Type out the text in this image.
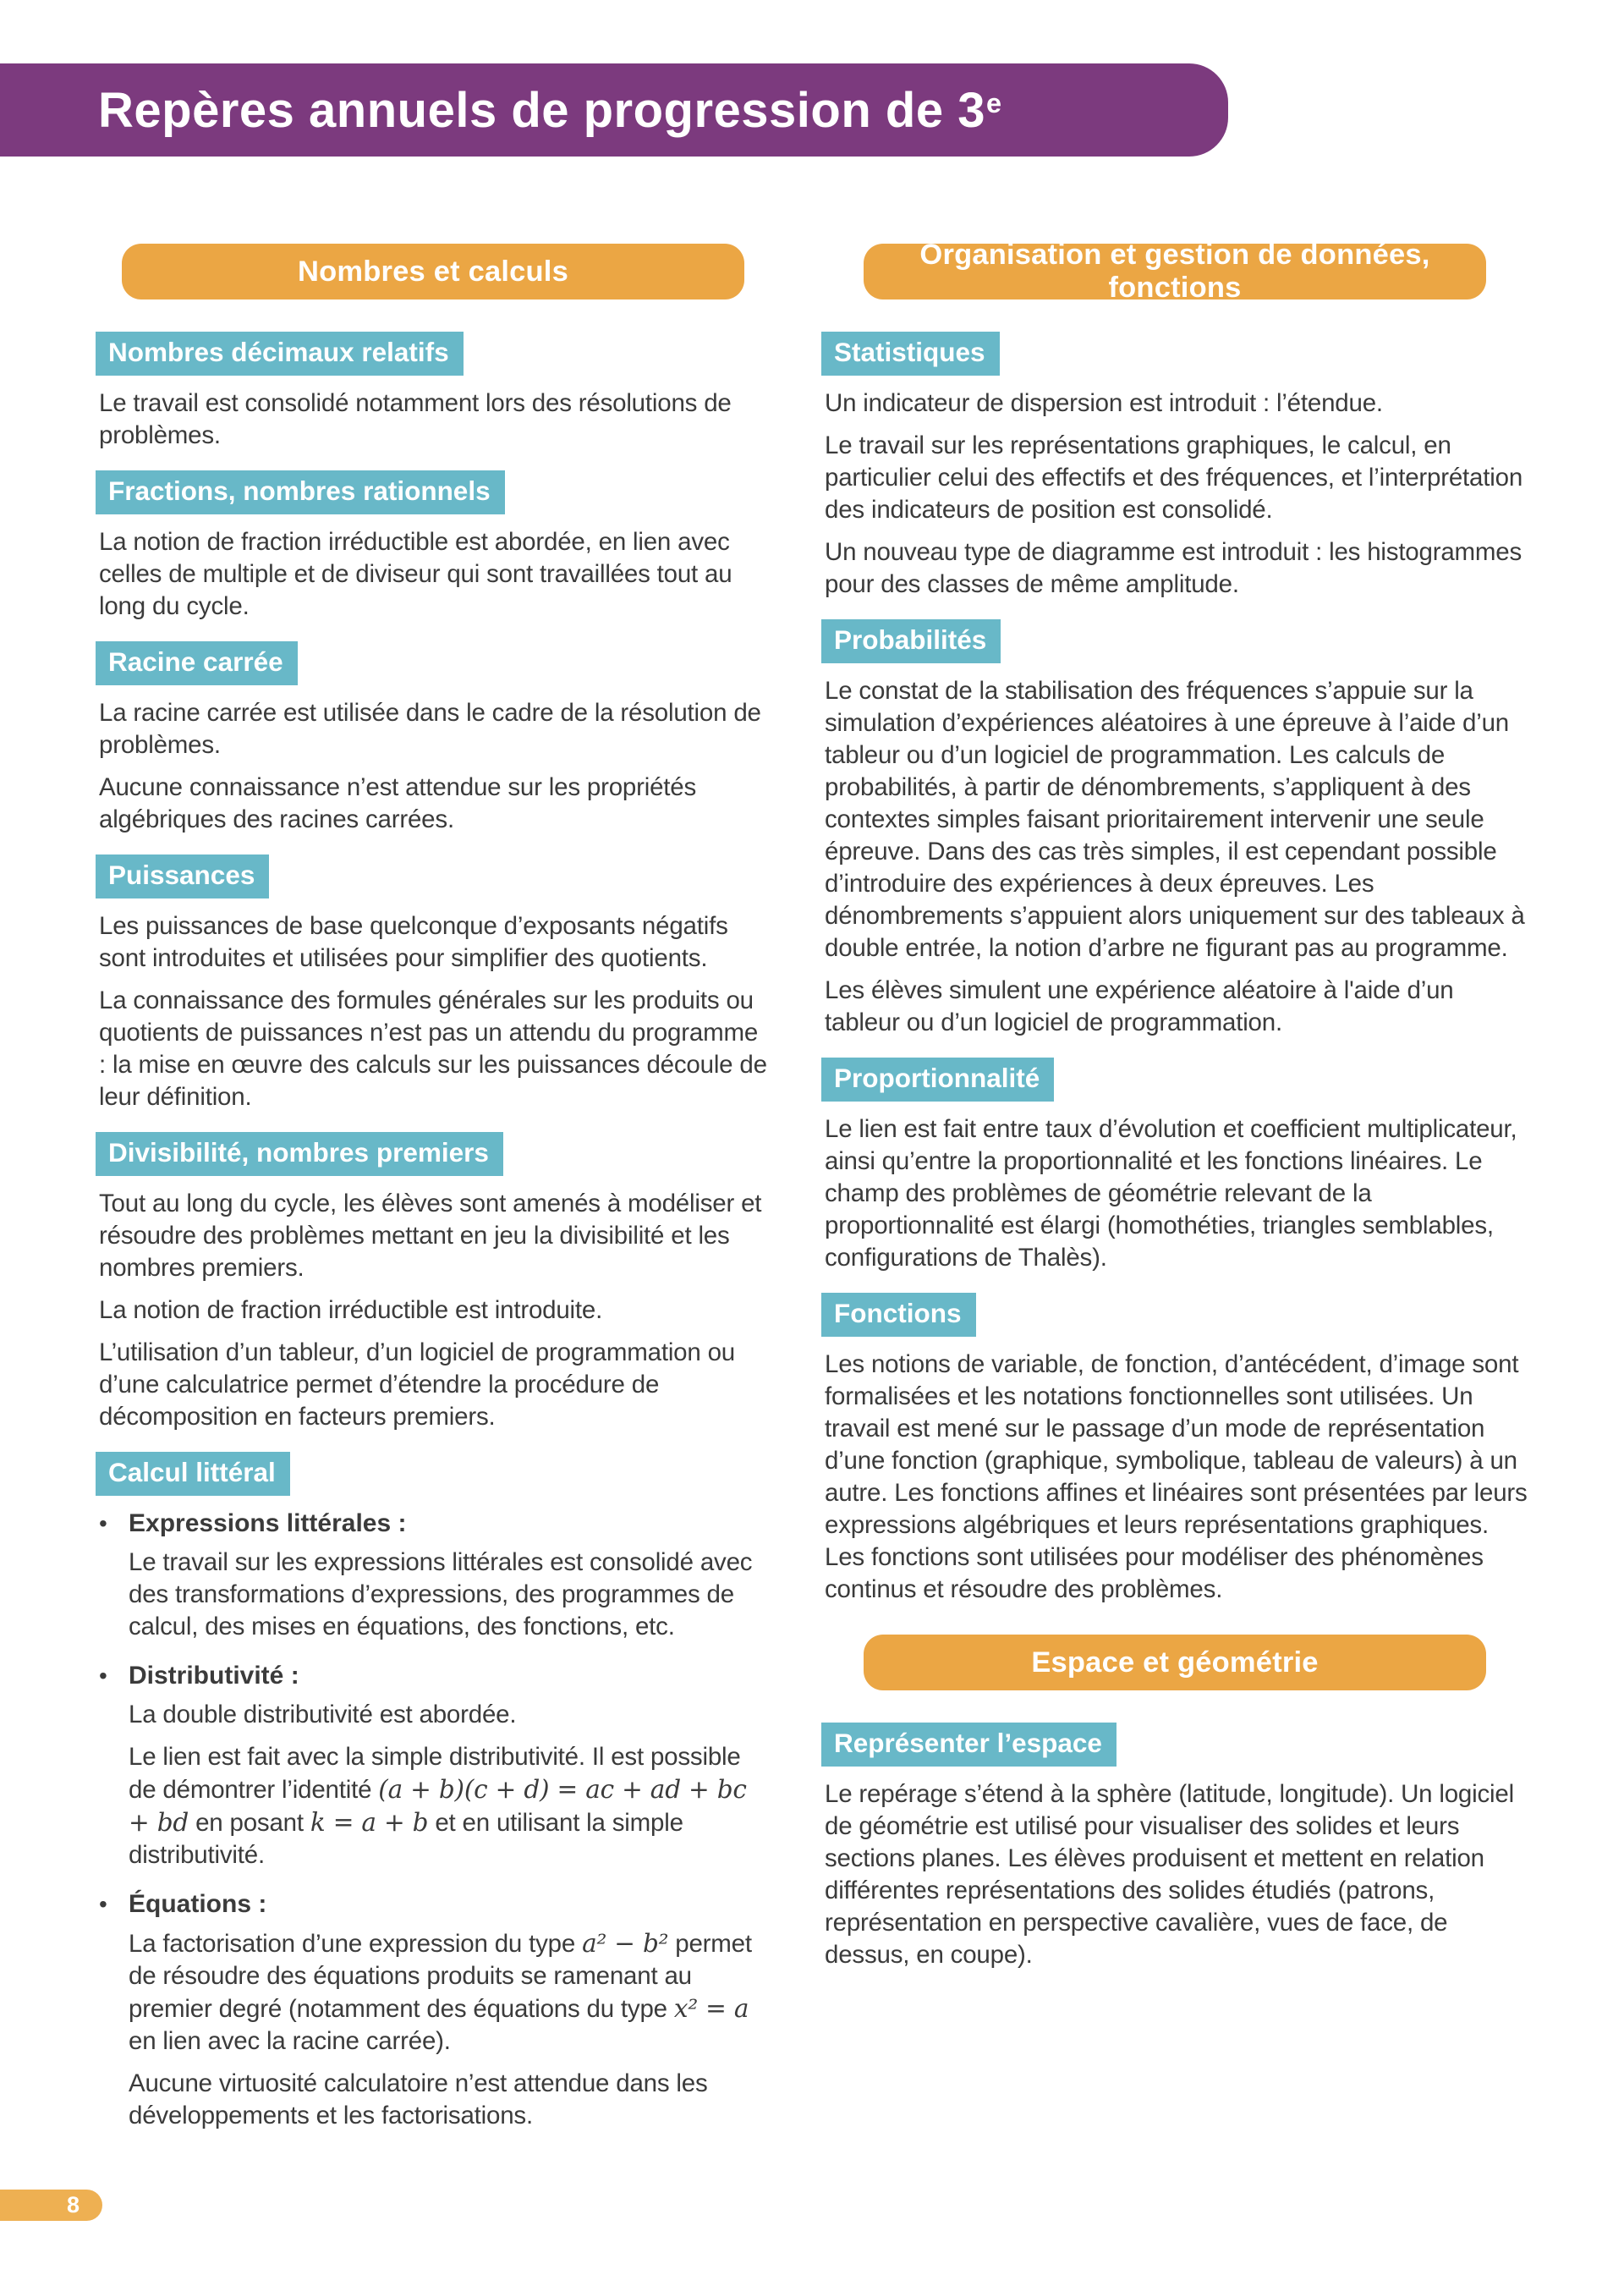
Repères annuels de progression de 3e
Nombres et calculs
Nombres décimaux relatifs

Le travail est consolidé notamment lors des résolutions de problèmes.

Fractions, nombres rationnels

La notion de fraction irréductible est abordée, en lien avec celles de multiple et de diviseur qui sont travaillées tout au long du cycle.

Racine carrée

La racine carrée est utilisée dans le cadre de la résolution de problèmes.

Aucune connaissance n’est attendue sur les propriétés algébriques des racines carrées.

Puissances

Les puissances de base quelconque d’exposants négatifs sont introduites et utilisées pour simplifier des quotients.

La connaissance des formules générales sur les produits ou quotients de puissances n’est pas un attendu du programme : la mise en œuvre des calculs sur les puissances découle de leur définition.

Divisibilité, nombres premiers

Tout au long du cycle, les élèves sont amenés à modéliser et résoudre des problèmes mettant en jeu la divisibilité et les nombres premiers.

La notion de fraction irréductible est introduite.

L’utilisation d’un tableur, d’un logiciel de programmation ou d’une calculatrice permet d’étendre la procédure de décomposition en facteurs premiers.

Calcul littéral
• Expressions littérales :

Le travail sur les expressions littérales est consolidé avec des transformations d’expressions, des programmes de calcul, des mises en équations, des fonctions, etc.

• Distributivité :

La double distributivité est abordée.

Le lien est fait avec la simple distributivité. Il est possible de démontrer l’identité (a + b)(c + d) = ac + ad + bc + bd en posant k = a + b et en utilisant la simple distributivité.

• Équations :

La factorisation d’une expression du type a² − b² permet de résoudre des équations produits se ramenant au premier degré (notamment des équations du type x² = a en lien avec la racine carrée).

Aucune virtuosité calculatoire n’est attendue dans les développements et les factorisations.

Organisation et gestion de données, fonctions
Statistiques

Un indicateur de dispersion est introduit : l’étendue.

Le travail sur les représentations graphiques, le calcul, en particulier celui des effectifs et des fréquences, et l’interprétation des indicateurs de position est consolidé.

Un nouveau type de diagramme est introduit : les histogrammes pour des classes de même amplitude.

Probabilités

Le constat de la stabilisation des fréquences s’appuie sur la simulation d’expériences aléatoires à une épreuve à l’aide d’un tableur ou d’un logiciel de programmation. Les calculs de probabilités, à partir de dénombrements, s’appliquent à des contextes simples faisant prioritairement intervenir une seule épreuve. Dans des cas très simples, il est cependant possible d’introduire des expériences à deux épreuves. Les dénombrements s’appuient alors uniquement sur des tableaux à double entrée, la notion d’arbre ne figurant pas au programme.

Les élèves simulent une expérience aléatoire à l'aide d’un tableur ou d’un logiciel de programmation.

Proportionnalité

Le lien est fait entre taux d’évolution et coefficient multiplicateur, ainsi qu’entre la proportionnalité et les fonctions linéaires. Le champ des problèmes de géométrie relevant de la proportionnalité est élargi (homothéties, triangles semblables, configurations de Thalès).

Fonctions

Les notions de variable, de fonction, d’antécédent, d’image sont formalisées et les notations fonctionnelles sont utilisées. Un travail est mené sur le passage d’un mode de représentation d’une fonction (graphique, symbolique, tableau de valeurs) à un autre. Les fonctions affines et linéaires sont présentées par leurs expressions algébriques et leurs représentations graphiques. Les fonctions sont utilisées pour modéliser des phénomènes continus et résoudre des problèmes.

Espace et géométrie
Représenter l’espace

Le repérage s’étend à la sphère (latitude, longitude). Un logiciel de géométrie est utilisé pour visualiser des solides et leurs sections planes. Les élèves produisent et mettent en relation différentes représentations des solides étudiés (patrons, représentation en perspective cavalière, vues de face, de dessus, en coupe).

8
